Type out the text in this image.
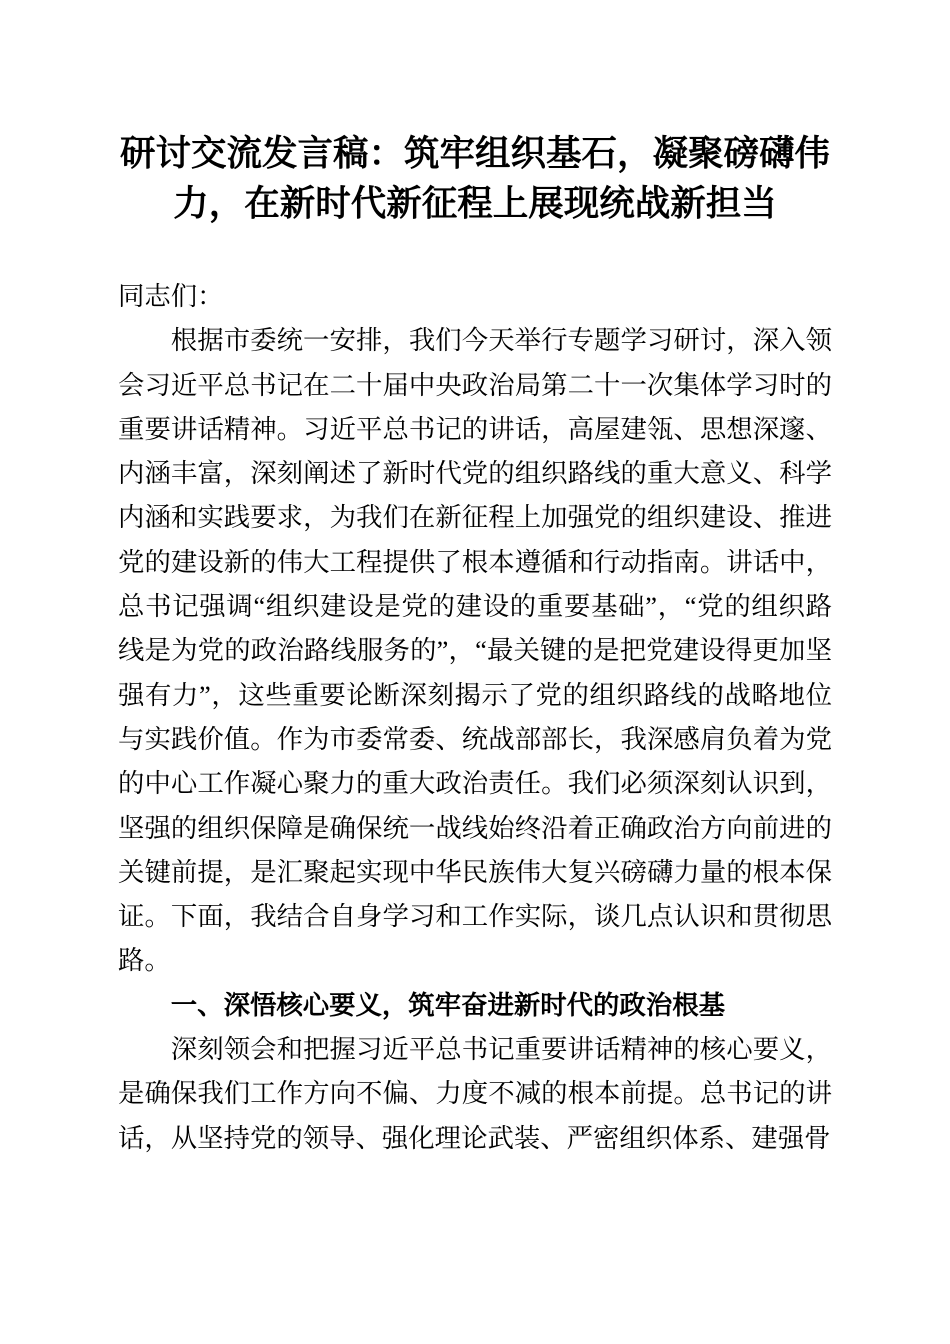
研讨交流发言稿：筑牢组织基石，凝聚磅礴伟力，在新时代新征程上展现统战新担当

同志们：

根据市委统一安排，我们今天举行专题学习研讨，深入领会习近平总书记在二十届中央政治局第二十一次集体学习时的重要讲话精神。习近平总书记的讲话，高屋建瓴、思想深邃、内涵丰富，深刻阐述了新时代党的组织路线的重大意义、科学内涵和实践要求，为我们在新征程上加强党的组织建设、推进党的建设新的伟大工程提供了根本遵循和行动指南。讲话中，总书记强调“组织建设是党的建设的重要基础”，“党的组织路线是为党的政治路线服务的”，“最关键的是把党建设得更加坚强有力”，这些重要论断深刻揭示了党的组织路线的战略地位与实践价值。作为市委常委、统战部部长，我深感肩负着为党的中心工作凝心聚力的重大政治责任。我们必须深刻认识到，坚强的组织保障是确保统一战线始终沿着正确政治方向前进的关键前提，是汇聚起实现中华民族伟大复兴磅礴力量的根本保证。下面，我结合自身学习和工作实际，谈几点认识和贯彻思路。

一、深悟核心要义，筑牢奋进新时代的政治根基

深刻领会和把握习近平总书记重要讲话精神的核心要义，是确保我们工作方向不偏、力度不减的根本前提。总书记的讲话，从坚持党的领导、强化理论武装、严密组织体系、建强骨
